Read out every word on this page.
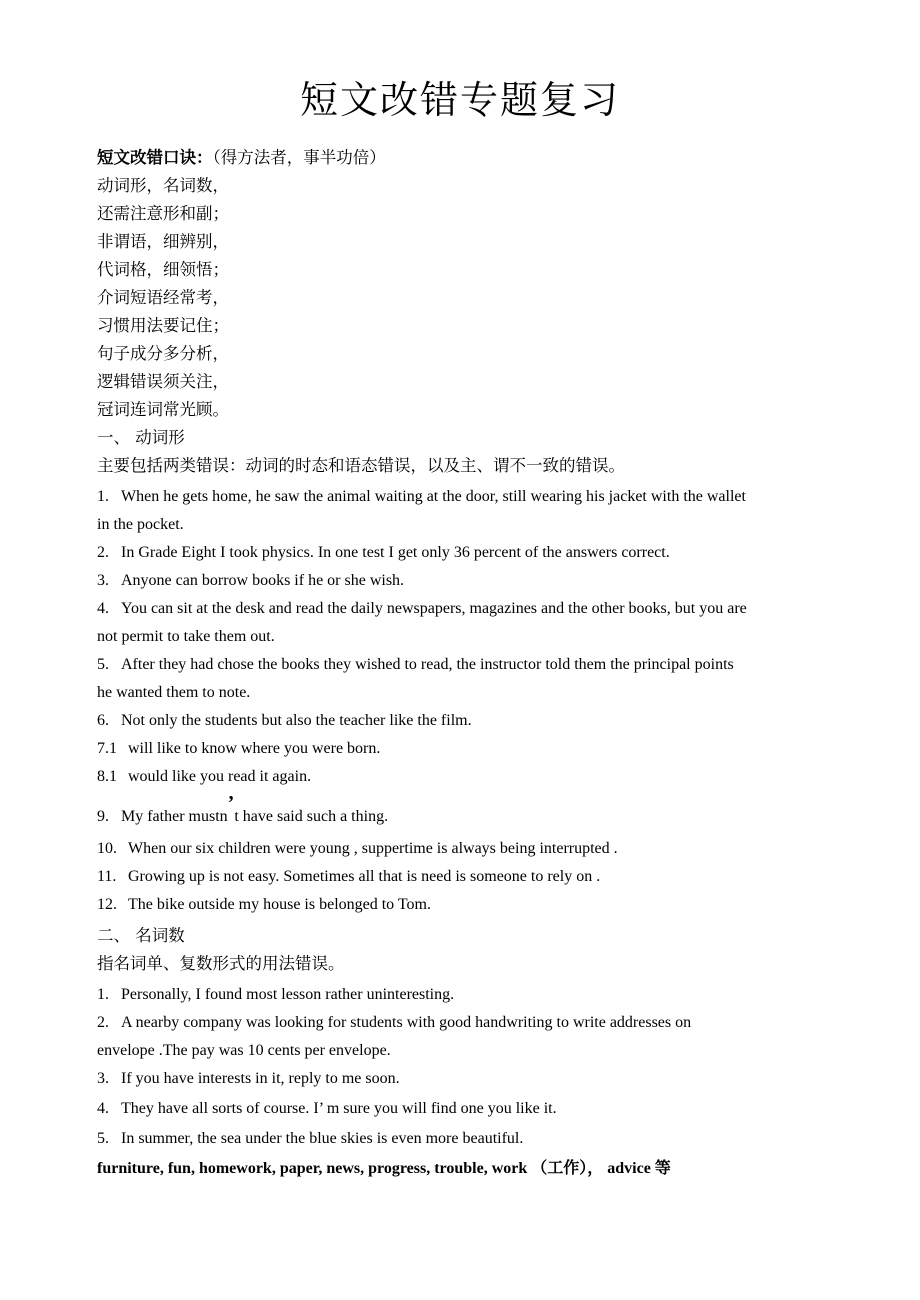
短文改错专题复习
短文改错口诀：（得方法者，事半功倍）
动词形，名词数，
还需注意形和副；
非谓语，细辨别，
代词格，细领悟；
介词短语经常考，
习惯用法要记住；
句子成分多分析，
逻辑错误须关注，
冠词连词常光顾。
一、 动词形
主要包括两类错误：动词的时态和语态错误，以及主、谓不一致的错误。
1. When he gets home, he saw the animal waiting at the door, still wearing his jacket with the wallet
in the pocket.
2. In Grade Eight I took physics. In one test I get only 36 percent of the answers correct.
3. Anyone can borrow books if he or she wish.
4. You can sit at the desk and read the daily newspapers, magazines and the other books, but you are
not permit to take them out.
5. After they had chose the books they wished to read, the instructor told them the principal points
he wanted them to note.
6. Not only the students but also the teacher like the film.
7.1 will like to know where you were born.
8.1 would like you read it again.
9. My father mustn’t have said such a thing.
10. When our six children were young , suppertime is always being interrupted .
11. Growing up is not easy. Sometimes all that is need is someone to rely on .
12. The bike outside my house is belonged to Tom.
二、 名词数
指名词单、复数形式的用法错误。
1. Personally, I found most lesson rather uninteresting.
2. A nearby company was looking for students with good handwriting to write addresses on
envelope .The pay was 10 cents per envelope.
3. If you have interests in it, reply to me soon.
4. They have all sorts of course. I’ m sure you will find one you like it.
5. In summer, the sea under the blue skies is even more beautiful.
furniture, fun, homework, paper, news, progress, trouble, work （工作）， advice 等
